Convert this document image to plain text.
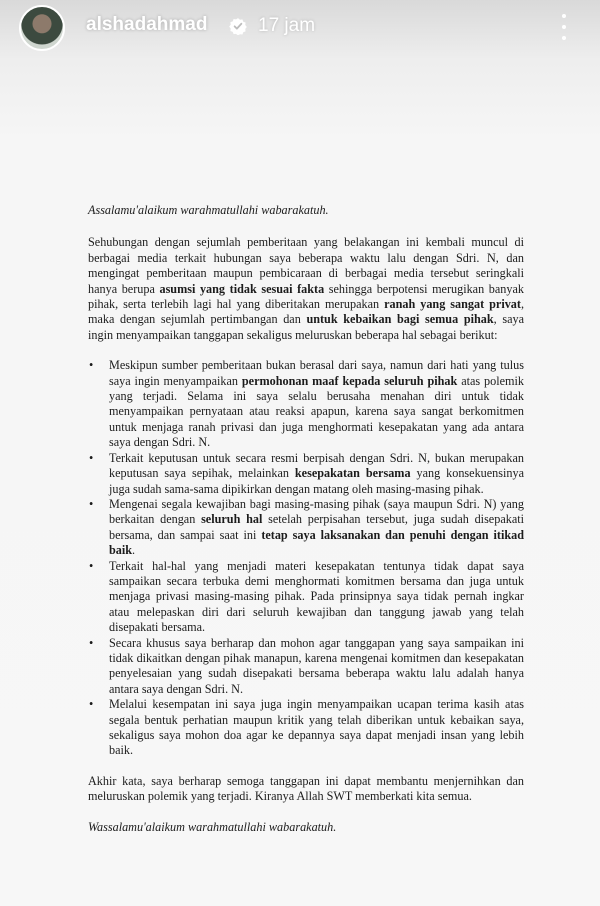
alshadahmad	17 jam

Assalamu'alaikum warahmatullahi wabarakatuh.

Sehubungan dengan sejumlah pemberitaan yang belakangan ini kembali muncul di berbagai media terkait hubungan saya beberapa waktu lalu dengan Sdri. N, dan mengingat pemberitaan maupun pembicaraan di berbagai media tersebut seringkali hanya berupa asumsi yang tidak sesuai fakta sehingga berpotensi merugikan banyak pihak, serta terlebih lagi hal yang diberitakan merupakan ranah yang sangat privat, maka dengan sejumlah pertimbangan dan untuk kebaikan bagi semua pihak, saya ingin menyampaikan tanggapan sekaligus meluruskan beberapa hal sebagai berikut:

• Meskipun sumber pemberitaan bukan berasal dari saya, namun dari hati yang tulus saya ingin menyampaikan permohonan maaf kepada seluruh pihak atas polemik yang terjadi. Selama ini saya selalu berusaha menahan diri untuk tidak menyampaikan pernyataan atau reaksi apapun, karena saya sangat berkomitmen untuk menjaga ranah privasi dan juga menghormati kesepakatan yang ada antara saya dengan Sdri. N.
• Terkait keputusan untuk secara resmi berpisah dengan Sdri. N, bukan merupakan keputusan saya sepihak, melainkan kesepakatan bersama yang konsekuensinya juga sudah sama-sama dipikirkan dengan matang oleh masing-masing pihak.
• Mengenai segala kewajiban bagi masing-masing pihak (saya maupun Sdri. N) yang berkaitan dengan seluruh hal setelah perpisahan tersebut, juga sudah disepakati bersama, dan sampai saat ini tetap saya laksanakan dan penuhi dengan itikad baik.
• Terkait hal-hal yang menjadi materi kesepakatan tentunya tidak dapat saya sampaikan secara terbuka demi menghormati komitmen bersama dan juga untuk menjaga privasi masing-masing pihak. Pada prinsipnya saya tidak pernah ingkar atau melepaskan diri dari seluruh kewajiban dan tanggung jawab yang telah disepakati bersama.
• Secara khusus saya berharap dan mohon agar tanggapan yang saya sampaikan ini tidak dikaitkan dengan pihak manapun, karena mengenai komitmen dan kesepakatan penyelesaian yang sudah disepakati bersama beberapa waktu lalu adalah hanya antara saya dengan Sdri. N.
• Melalui kesempatan ini saya juga ingin menyampaikan ucapan terima kasih atas segala bentuk perhatian maupun kritik yang telah diberikan untuk kebaikan saya, sekaligus saya mohon doa agar ke depannya saya dapat menjadi insan yang lebih baik.

Akhir kata, saya berharap semoga tanggapan ini dapat membantu menjernihkan dan meluruskan polemik yang terjadi. Kiranya Allah SWT memberkati kita semua.

Wassalamu'alaikum warahmatullahi wabarakatuh.
